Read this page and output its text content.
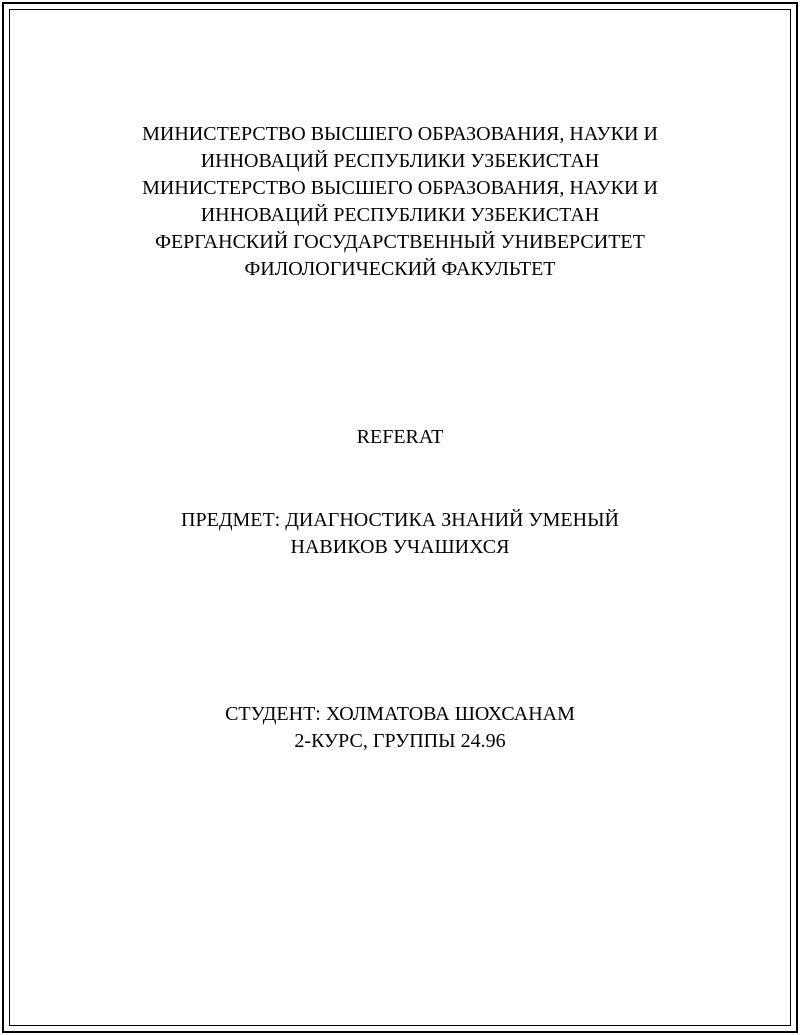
МИНИСТЕРСТВО ВЫСШЕГО ОБРАЗОВАНИЯ, НАУКИ И
ИННОВАЦИЙ РЕСПУБЛИКИ УЗБЕКИСТАН
МИНИСТЕРСТВО ВЫСШЕГО ОБРАЗОВАНИЯ, НАУКИ И
ИННОВАЦИЙ РЕСПУБЛИКИ УЗБЕКИСТАН
ФЕРГАНСКИЙ ГОСУДАРСТВЕННЫЙ УНИВЕРСИТЕТ
ФИЛОЛОГИЧЕСКИЙ ФАКУЛЬТЕТ
REFERAT
ПРЕДМЕТ: ДИАГНОСТИКА ЗНАНИЙ УМЕНЫЙ
НАВИКОВ УЧАШИХСЯ
СТУДЕНТ: ХОЛМАТОВА ШОХСАНАМ
2-КУРС, ГРУППЫ 24.96
